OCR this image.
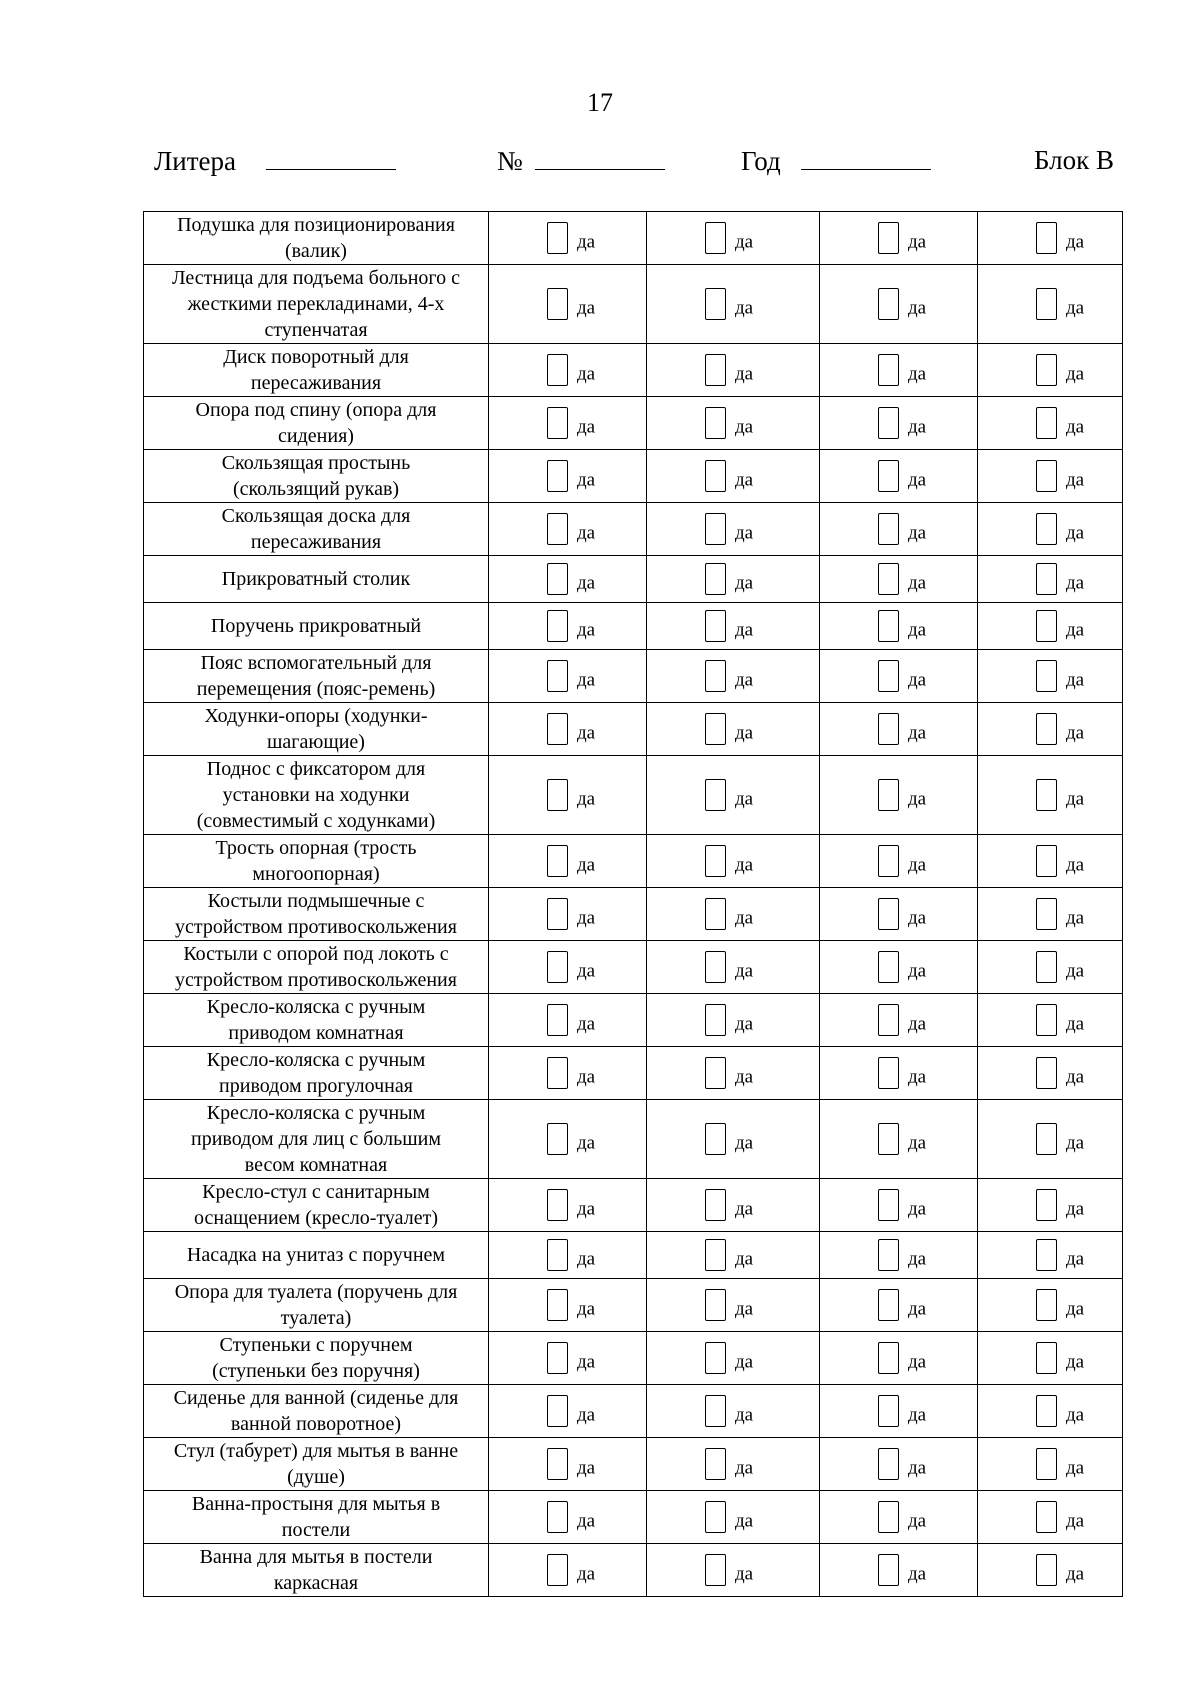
17
Литера	№	Год	Блок В
Подушка для позиционирования
(валик)	да	да	да	да

Лестница для подъема больного с
жесткими перекладинами, 4-х
ступенчатая	да	да	да	да

Диск поворотный для
пересаживания	да	да	да	да

Опора под спину (опора для
сидения)	да	да	да	да

Скользящая простынь
(скользящий рукав)	да	да	да	да

Скользящая доска для
пересаживания	да	да	да	да

Прикроватный столик	да	да	да	да

Поручень прикроватный	да	да	да	да

Пояс вспомогательный для
перемещения (пояс-ремень)	да	да	да	да

Ходунки-опоры (ходунки-
шагающие)	да	да	да	да

Поднос с фиксатором для
установки на ходунки
(совместимый с ходунками)	да	да	да	да

Трость опорная (трость
многоопорная)	да	да	да	да

Костыли подмышечные с
устройством противоскольжения	да	да	да	да

Костыли с опорой под локоть с
устройством противоскольжения	да	да	да	да

Кресло-коляска с ручным
приводом комнатная	да	да	да	да

Кресло-коляска с ручным
приводом прогулочная	да	да	да	да

Кресло-коляска с ручным
приводом для лиц с большим
весом комнатная	да	да	да	да

Кресло-стул с санитарным
оснащением (кресло-туалет)	да	да	да	да

Насадка на унитаз с поручнем	да	да	да	да

Опора для туалета (поручень для
туалета)	да	да	да	да

Ступеньки с поручнем
(ступеньки без поручня)	да	да	да	да

Сиденье для ванной (сиденье для
ванной поворотное)	да	да	да	да

Стул (табурет) для мытья в ванне
(душе)	да	да	да	да

Ванна-простыня для мытья в
постели	да	да	да	да

Ванна для мытья в постели
каркасная	да	да	да	да
